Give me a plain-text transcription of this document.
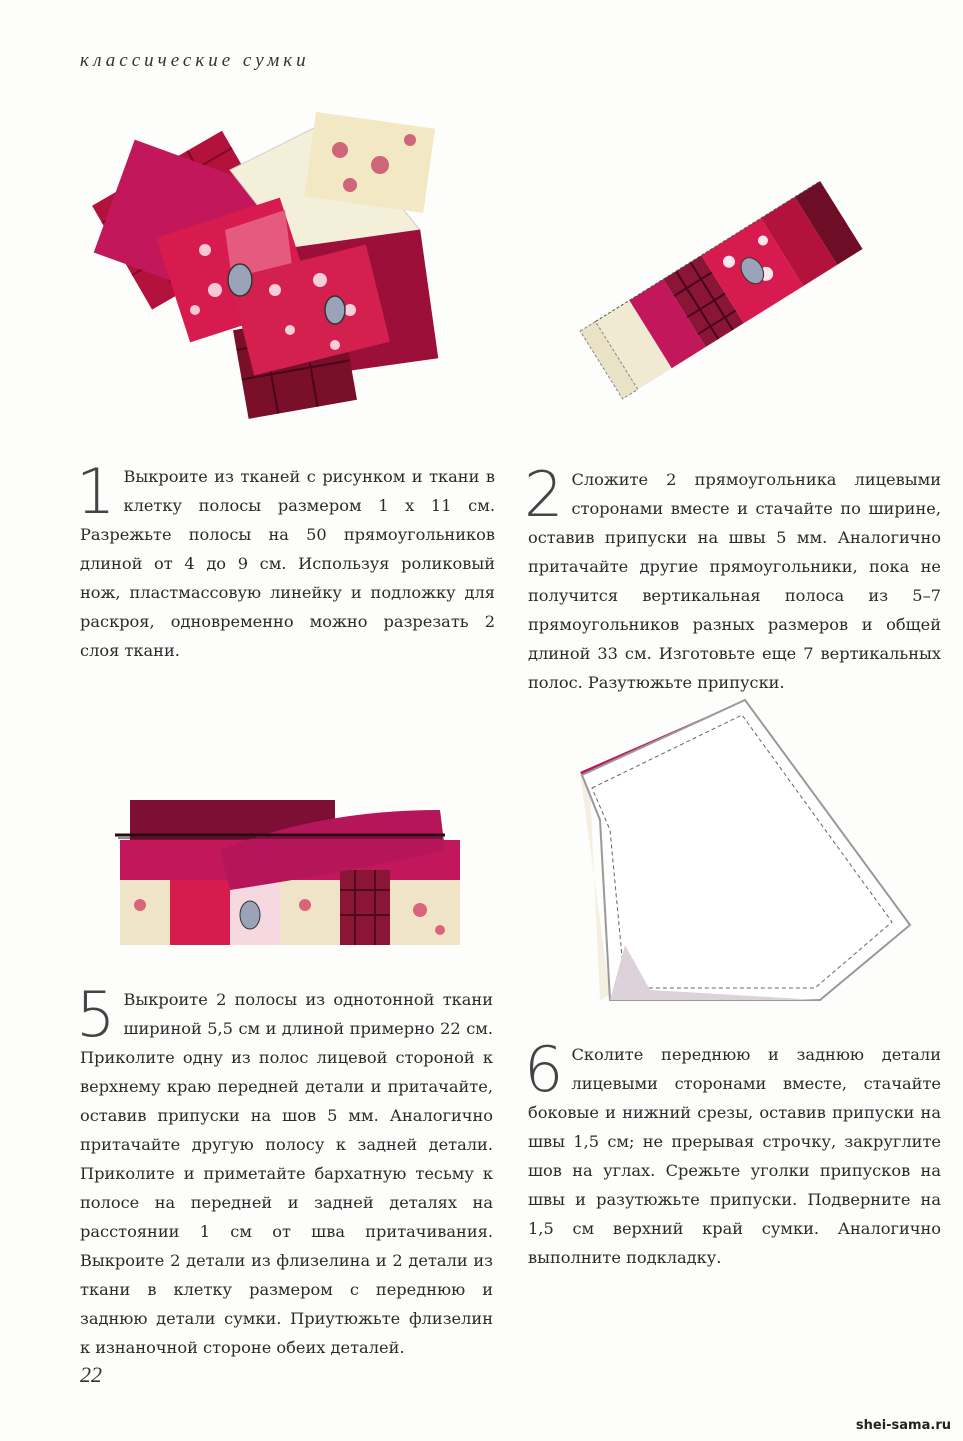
классические сумки
1 Выкроите из тканей с рисунком и ткани в клетку полосы размером 1 х 11 см. Разрежьте полосы на 50 прямоугольников длиной от 4 до 9 см. Используя роликовый нож, пластмассовую линейку и подложку для раскроя, одновременно можно разрезать 2 слоя ткани.

2 Сложите 2 прямоугольника лицевыми сторонами вместе и стачайте по ширине, оставив припуски на швы 5 мм. Аналогично притачайте другие прямоугольники, пока не получится вертикальная полоса из 5–7 прямоугольников разных размеров и общей длиной 33 см. Изготовьте еще 7 вертикальных полос. Разутюжьте припуски.

5 Выкроите 2 полосы из однотонной ткани шириной 5,5 см и длиной примерно 22 см. Приколите одну из полос лицевой стороной к верхнему краю передней детали и притачайте, оставив припуски на шов 5 мм. Аналогично притачайте другую полосу к задней детали. Приколите и приметайте бархатную тесьму к полосе на передней и задней деталях на расстоянии 1 см от шва притачивания. Выкроите 2 детали из флизелина и 2 детали из ткани в клетку размером с переднюю и заднюю детали сумки. Приутюжьте флизелин к изнаночной стороне обеих деталей.

6 Сколите переднюю и заднюю детали лицевыми сторонами вместе, стачайте боковые и нижний срезы, оставив припуски на швы 1,5 см; не прерывая строчку, закруглите шов на углах. Срежьте уголки припусков на швы и разутюжьте припуски. Подверните на 1,5 см верхний край сумки. Аналогично выполните подкладку.

22
shei-sama.ru
